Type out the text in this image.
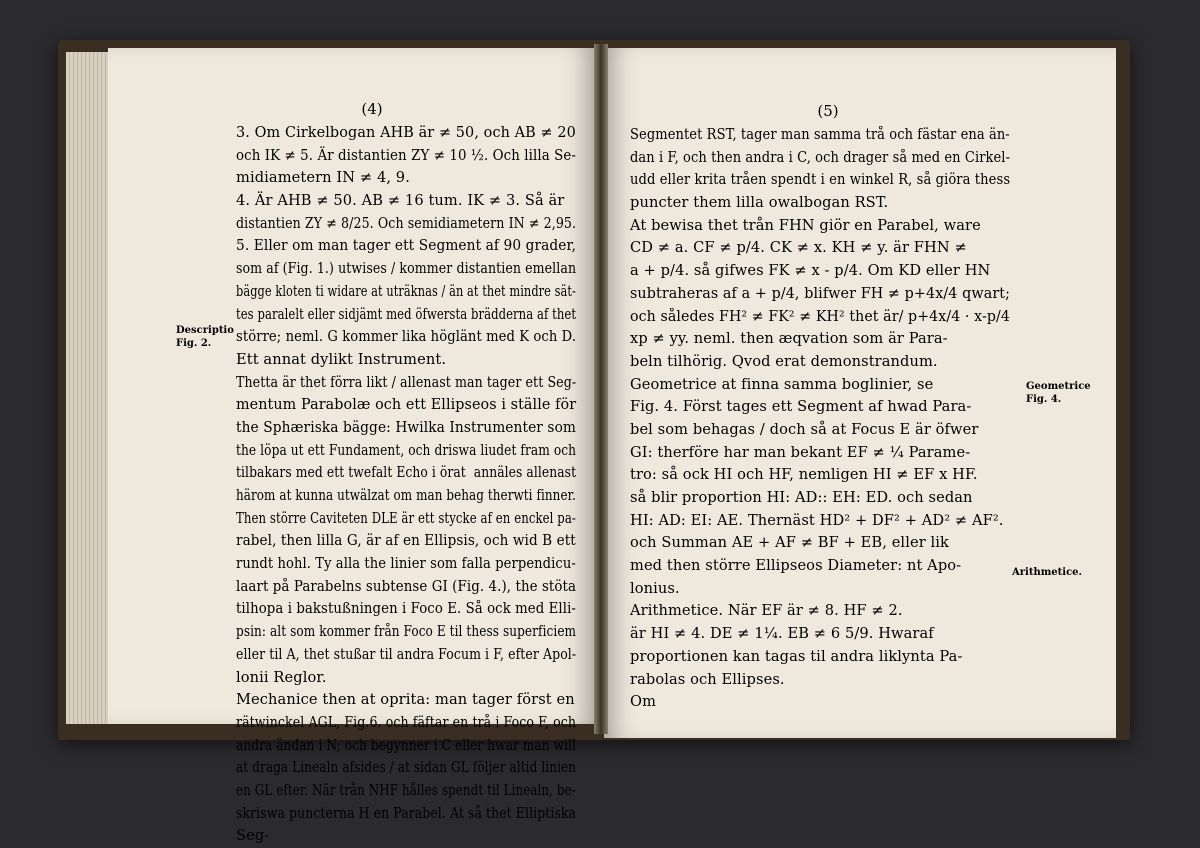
(4)
Descriptio
Fig. 2.
3. Om Cirkelbogan AHB är ≠ 50, och AB ≠ 20
och IK ≠ 5. Är distantien ZY ≠ 10 ½. Och lilla Se-
midiametern IN ≠ 4, 9.
4. Är AHB ≠ 50. AB ≠ 16 tum. IK ≠ 3. Så är
distantien ZY ≠ 8/25. Och semidiametern IN ≠ 2,95.
5. Eller om man tager ett Segment af 90 grader,
som af (Fig. 1.) utwises / kommer distantien emellan
bägge kloten ti widare at uträknas / än at thet mindre sät-
tes paralelt eller sidjämt med öfwersta brädderna af thet
större; neml. G kommer lika höglänt med K och D.
Ett annat dylikt Instrument.
Thetta är thet förra likt / allenast man tager ett Seg-
mentum Parabolæ och ett Ellipseos i ställe för
the Sphæriska bägge: Hwilka Instrumenter som
the löpa ut ett Fundament, och driswa liudet fram och
tilbakars med ett twefalt Echo i örat  annäles allenast
härom at kunna utwälzat om man behag therwti finner.
Then större Caviteten DLE är ett stycke af en enckel pa-
rabel, then lilla G, är af en Ellipsis, och wid B ett
rundt hohl. Ty alla the linier som falla perpendicu-
laart på Parabelns subtense GI (Fig. 4.), the stöta
tilhopa i bakstußningen i Foco E. Så ock med Elli-
psin: alt som kommer från Foco E til thess superficiem
eller til A, thet stußar til andra Focum i F, efter Apol-
lonii Reglor.
Mechanice then at oprita: man tager först en
rätwinckel AGL, Fig.6. och fäftar en trå i Foco F, och
andra ändan i N; och begynner i C eller hwar man will
at draga Linealn afsides / at sidan GL följer altid linien
en GL efter. När trån NHF hålles spendt til Linealn, be-
skriswa puncterna H en Parabel. At så thet Elliptiska
Seg-
(5)
Geometrice
Fig. 4.
Arithmetice.
Segmentet RST, tager man samma trå och fästar ena än-
dan i F, och then andra i C, och drager så med en Cirkel-
udd eller krita tråen spendt i en winkel R, så giöra thess
puncter them lilla owalbogan RST.
At bewisa thet trån FHN giör en Parabel, ware
CD ≠ a. CF ≠ p/4. CK ≠ x. KH ≠ y. är FHN ≠
a + p/4. så gifwes FK ≠ x - p/4. Om KD eller HN
subtraheras af a + p/4, blifwer FH ≠ p+4x/4 qwart;
och således FH² ≠ FK² ≠ KH² thet är/ p+4x/4 · x-p/4
xp ≠ yy. neml. then æqvation som är Para-
beln tilhörig. Qvod erat demonstrandum.
Geometrice at finna samma boglinier, se
Fig. 4. Först tages ett Segment af hwad Para-
bel som behagas / doch så at Focus E är öfwer
GI: therföre har man bekant EF ≠ ¼ Parame-
tro: så ock HI och HF, nemligen HI ≠ EF x HF.
så blir proportion HI: AD:: EH: ED. och sedan
HI: AD: EI: AE. Thernäst HD² + DF² + AD² ≠ AF².
och Summan AE + AF ≠ BF + EB, eller lik
med then större Ellipseos Diameter: nt Apo-
lonius.
Arithmetice. När EF är ≠ 8. HF ≠ 2.
är HI ≠ 4. DE ≠ 1¼. EB ≠ 6 5/9. Hwaraf
proportionen kan tagas til andra liklynta Pa-
rabolas och Ellipses.
Om
